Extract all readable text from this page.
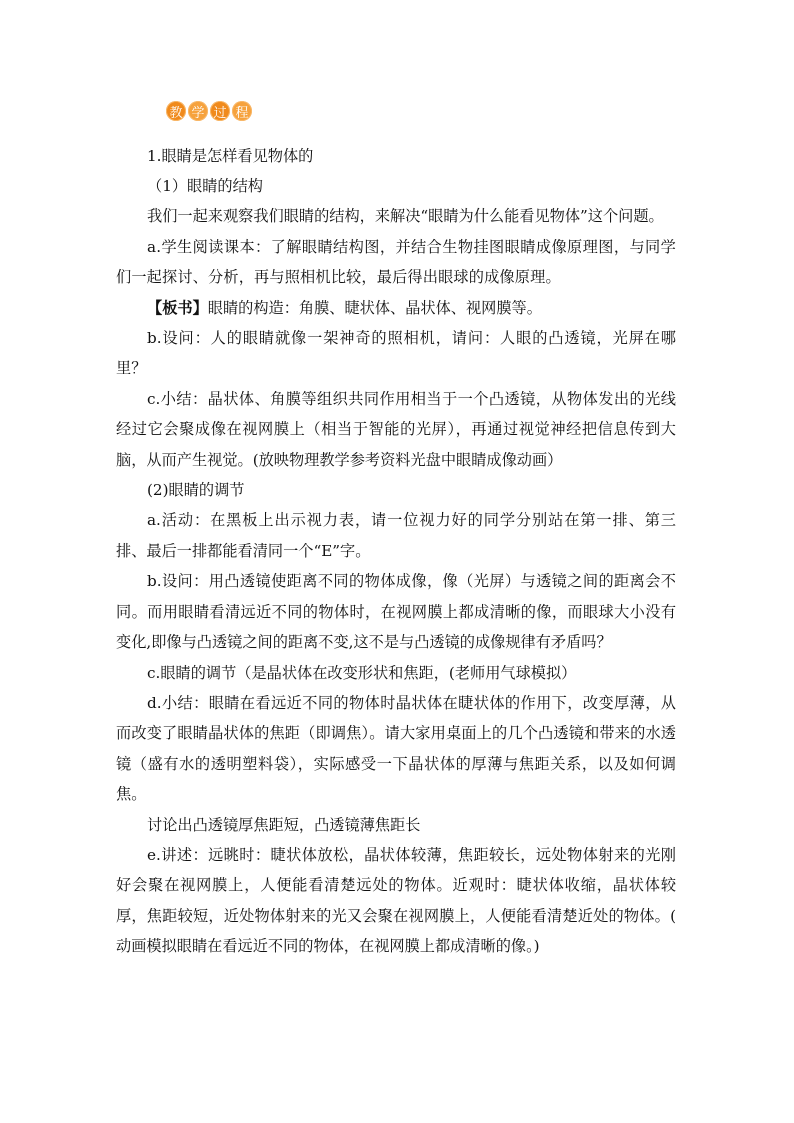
教 学 过 程

1.眼睛是怎样看见物体的

（1）眼睛的结构

我们一起来观察我们眼睛的结构，来解决“眼睛为什么能看见物体”这个问题。

a.学生阅读课本：了解眼睛结构图，并结合生物挂图眼睛成像原理图，与同学们一起探讨、分析，再与照相机比较，最后得出眼球的成像原理。

【板书】眼睛的构造：角膜、睫状体、晶状体、视网膜等。

b.设问：人的眼睛就像一架神奇的照相机，请问：人眼的凸透镜，光屏在哪里？

c.小结：晶状体、角膜等组织共同作用相当于一个凸透镜，从物体发出的光线经过它会聚成像在视网膜上（相当于智能的光屏），再通过视觉神经把信息传到大脑，从而产生视觉。(放映物理教学参考资料光盘中眼睛成像动画）

(2)眼睛的调节

a.活动：在黑板上出示视力表，请一位视力好的同学分别站在第一排、第三排、最后一排都能看清同一个“E”字。

b.设问：用凸透镜使距离不同的物体成像，像（光屏）与透镜之间的距离会不同。而用眼睛看清远近不同的物体时，在视网膜上都成清晰的像，而眼球大小没有变化,即像与凸透镜之间的距离不变,这不是与凸透镜的成像规律有矛盾吗？

c.眼睛的调节（是晶状体在改变形状和焦距，(老师用气球模拟）

d.小结：眼睛在看远近不同的物体时晶状体在睫状体的作用下，改变厚薄，从而改变了眼睛晶状体的焦距（即调焦）。请大家用桌面上的几个凸透镜和带来的水透镜（盛有水的透明塑料袋），实际感受一下晶状体的厚薄与焦距关系，以及如何调焦。

讨论出凸透镜厚焦距短，凸透镜薄焦距长

e.讲述：远眺时：睫状体放松，晶状体较薄，焦距较长，远处物体射来的光刚好会聚在视网膜上，人便能看清楚远处的物体。近观时：睫状体收缩，晶状体较厚，焦距较短，近处物体射来的光又会聚在视网膜上，人便能看清楚近处的物体。( 动画模拟眼睛在看远近不同的物体，在视网膜上都成清晰的像。)
